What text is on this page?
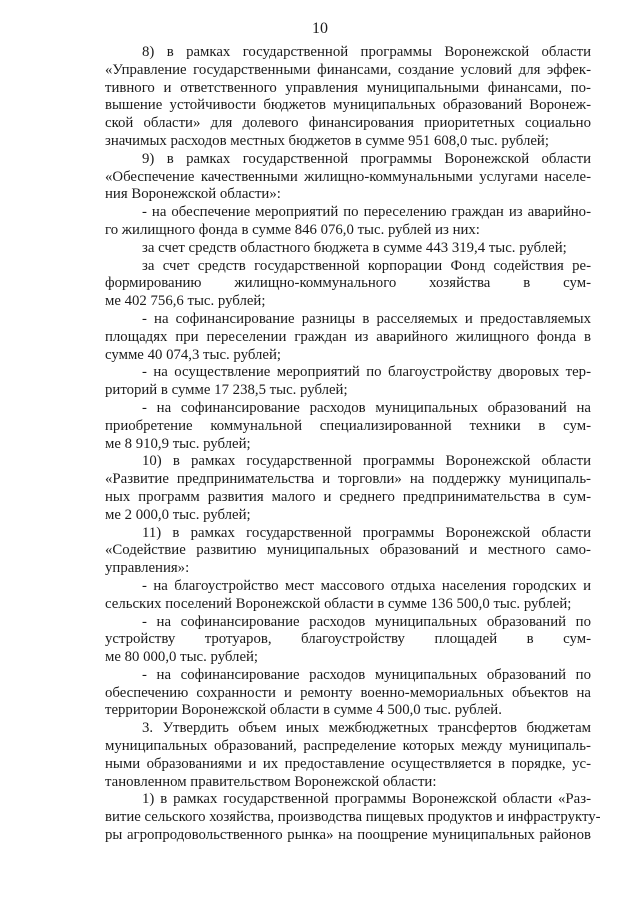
10
8) в рамках государственной программы Воронежской области
«Управление государственными финансами, создание условий для эффек-
тивного и ответственного управления муниципальными финансами, по-
вышение устойчивости бюджетов муниципальных образований Воронеж-
ской области» для долевого финансирования приоритетных социально
значимых расходов местных бюджетов в сумме 951 608,0 тыс. рублей;
9) в рамках государственной программы Воронежской области
«Обеспечение качественными жилищно-коммунальными услугами населе-
ния Воронежской области»:
- на обеспечение мероприятий по переселению граждан из аварийно-
го жилищного фонда в сумме 846 076,0 тыс. рублей из них:
за счет средств областного бюджета в сумме 443 319,4 тыс. рублей;
за счет средств государственной корпорации Фонд содействия ре-
формированию жилищно-коммунального хозяйства в сум-
ме 402 756,6 тыс. рублей;
- на софинансирование разницы в расселяемых и предоставляемых
площадях при переселении граждан из аварийного жилищного фонда в
сумме 40 074,3 тыс. рублей;
- на осуществление мероприятий по благоустройству дворовых тер-
риторий в сумме 17 238,5 тыс. рублей;
- на софинансирование расходов муниципальных образований на
приобретение коммунальной специализированной техники в сум-
ме 8 910,9 тыс. рублей;
10) в рамках государственной программы Воронежской области
«Развитие предпринимательства и торговли» на поддержку муниципаль-
ных программ развития малого и среднего предпринимательства в сум-
ме 2 000,0 тыс. рублей;
11) в рамках государственной программы Воронежской области
«Содействие развитию муниципальных образований и местного само-
управления»:
- на благоустройство мест массового отдыха населения городских и
сельских поселений Воронежской области в сумме 136 500,0 тыс. рублей;
- на софинансирование расходов муниципальных образований по
устройству тротуаров, благоустройству площадей в сум-
ме 80 000,0 тыс. рублей;
- на софинансирование расходов муниципальных образований по
обеспечению сохранности и ремонту военно-мемориальных объектов на
территории Воронежской области в сумме 4 500,0 тыс. рублей.
3. Утвердить объем иных межбюджетных трансфертов бюджетам
муниципальных образований, распределение которых между муниципаль-
ными образованиями и их предоставление осуществляется в порядке, ус-
тановленном правительством Воронежской области:
1) в рамках государственной программы Воронежской области «Раз-
витие сельского хозяйства, производства пищевых продуктов и инфраструкту-
ры агропродовольственного рынка» на поощрение муниципальных районов
